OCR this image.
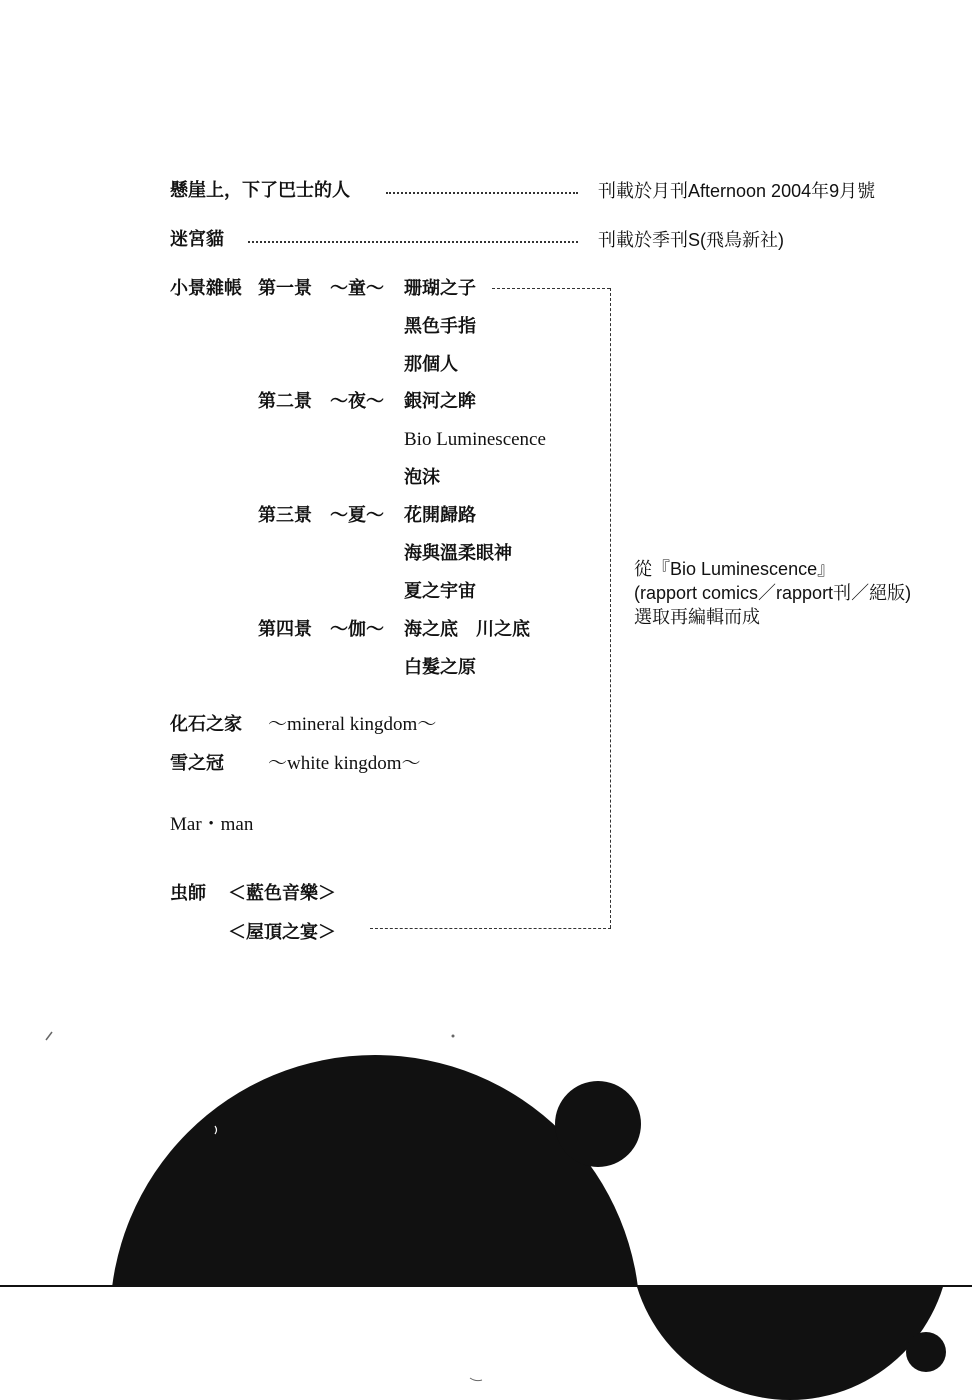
懸崖上，下了巴士的人	刊載於月刊Afternoon 2004年9月號
迷宮貓	刊載於季刊S(飛鳥新社)
小景雜帳 第一景　～童～ 珊瑚之子
黑色手指
那個人
第二景　～夜～ 銀河之眸
Bio Luminescence
泡沫
第三景　～夏～ 花開歸路
海與溫柔眼神
夏之宇宙
第四景　～伽～ 海之底　川之底
白髮之原
化石之家 ～mineral kingdom～
雪之冠 ～white kingdom～
Mar・man
虫師 ＜藍色音樂＞
＜屋頂之宴＞
從『Bio Luminescence』
(rapport comics／rapport刊／絕版)
選取再編輯而成
